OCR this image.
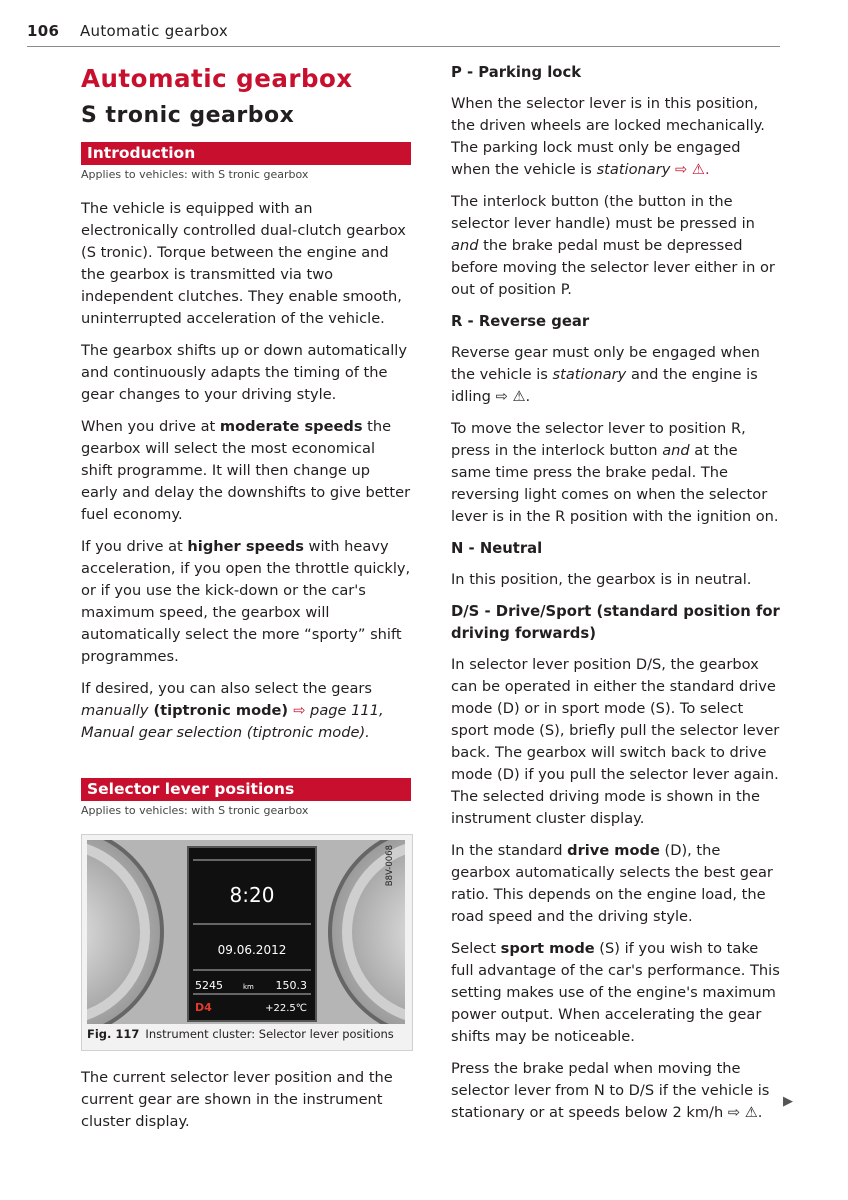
106 Automatic gearbox
Automatic gearbox
S tronic gearbox
Introduction
Applies to vehicles: with S tronic gearbox

The vehicle is equipped with an electronically controlled dual-clutch gearbox (S tronic). Torque between the engine and the gearbox is transmitted via two independent clutches. They enable smooth, uninterrupted acceleration of the vehicle.

The gearbox shifts up or down automatically and continuously adapts the timing of the gear changes to your driving style.

When you drive at moderate speeds the gearbox will select the most economical shift programme. It will then change up early and delay the downshifts to give better fuel economy.

If you drive at higher speeds with heavy acceleration, if you open the throttle quickly, or if you use the kick-down or the car's maximum speed, the gearbox will automatically select the more “sporty” shift programmes.

If desired, you can also select the gears manually (tiptronic mode) ⇨ page 111, Manual gear selection (tiptronic mode).

Selector lever positions
Applies to vehicles: with S tronic gearbox
8:20
09.06.2012
5245	km 150.3
D4	+22.5℃
B8V-0068
Fig. 117 Instrument cluster: Selector lever positions

The current selector lever position and the current gear are shown in the instrument cluster display.

P - Parking lock

When the selector lever is in this position, the driven wheels are locked mechanically. The parking lock must only be engaged when the vehicle is stationary ⇨ ⚠.

The interlock button (the button in the selector lever handle) must be pressed in and the brake pedal must be depressed before moving the selector lever either in or out of position P.

R - Reverse gear

Reverse gear must only be engaged when the vehicle is stationary and the engine is idling ⇨ ⚠.

To move the selector lever to position R, press in the interlock button and at the same time press the brake pedal. The reversing light comes on when the selector lever is in the R position with the ignition on.

N - Neutral

In this position, the gearbox is in neutral.

D/S - Drive/Sport (standard position for driving forwards)

In selector lever position D/S, the gearbox can be operated in either the standard drive mode (D) or in sport mode (S). To select sport mode (S), briefly pull the selector lever back. The gearbox will switch back to drive mode (D) if you pull the selector lever again. The selected driving mode is shown in the instrument cluster display.

In the standard drive mode (D), the gearbox automatically selects the best gear ratio. This depends on the engine load, the road speed and the driving style.

Select sport mode (S) if you wish to take full advantage of the car's performance. This setting makes use of the engine's maximum power output. When accelerating the gear shifts may be noticeable.

Press the brake pedal when moving the selector lever from N to D/S if the vehicle is stationary or at speeds below 2 km/h ⇨ ⚠.

▶
